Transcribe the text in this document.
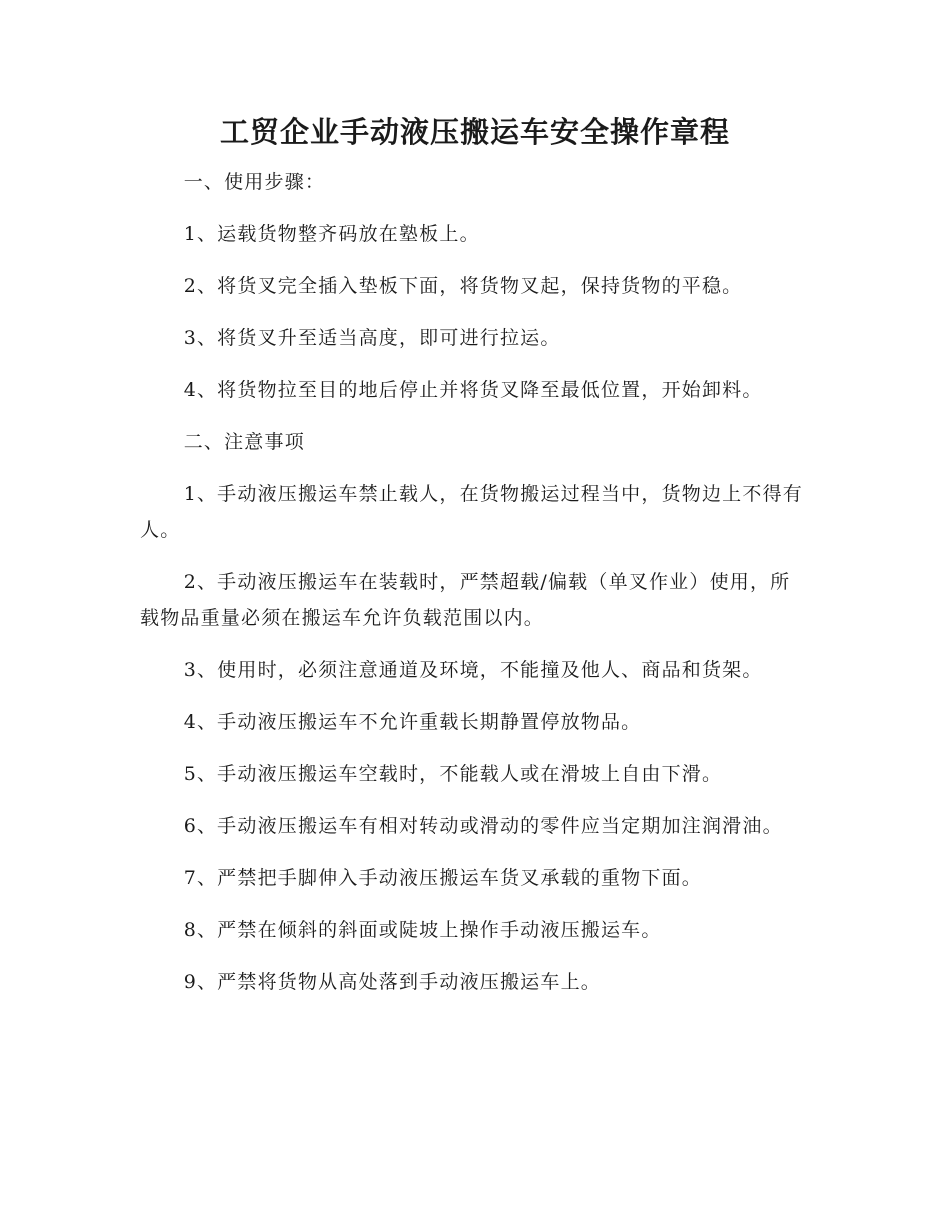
工贸企业手动液压搬运车安全操作章程

一、使用步骤：

1、运载货物整齐码放在塾板上。

2、将货叉完全插入垫板下面，将货物叉起，保持货物的平稳。

3、将货叉升至适当高度，即可进行拉运。

4、将货物拉至目的地后停止并将货叉降至最低位置，开始卸料。

二、注意事项

1、手动液压搬运车禁止载人，在货物搬运过程当中，货物边上不得有人。

2、手动液压搬运车在装载时，严禁超载/偏载（单叉作业）使用，所载物品重量必须在搬运车允许负载范围以内。

3、使用时，必须注意通道及环境，不能撞及他人、商品和货架。

4、手动液压搬运车不允许重载长期静置停放物品。

5、手动液压搬运车空载时，不能载人或在滑坡上自由下滑。

6、手动液压搬运车有相对转动或滑动的零件应当定期加注润滑油。

7、严禁把手脚伸入手动液压搬运车货叉承载的重物下面。

8、严禁在倾斜的斜面或陡坡上操作手动液压搬运车。

9、严禁将货物从高处落到手动液压搬运车上。
